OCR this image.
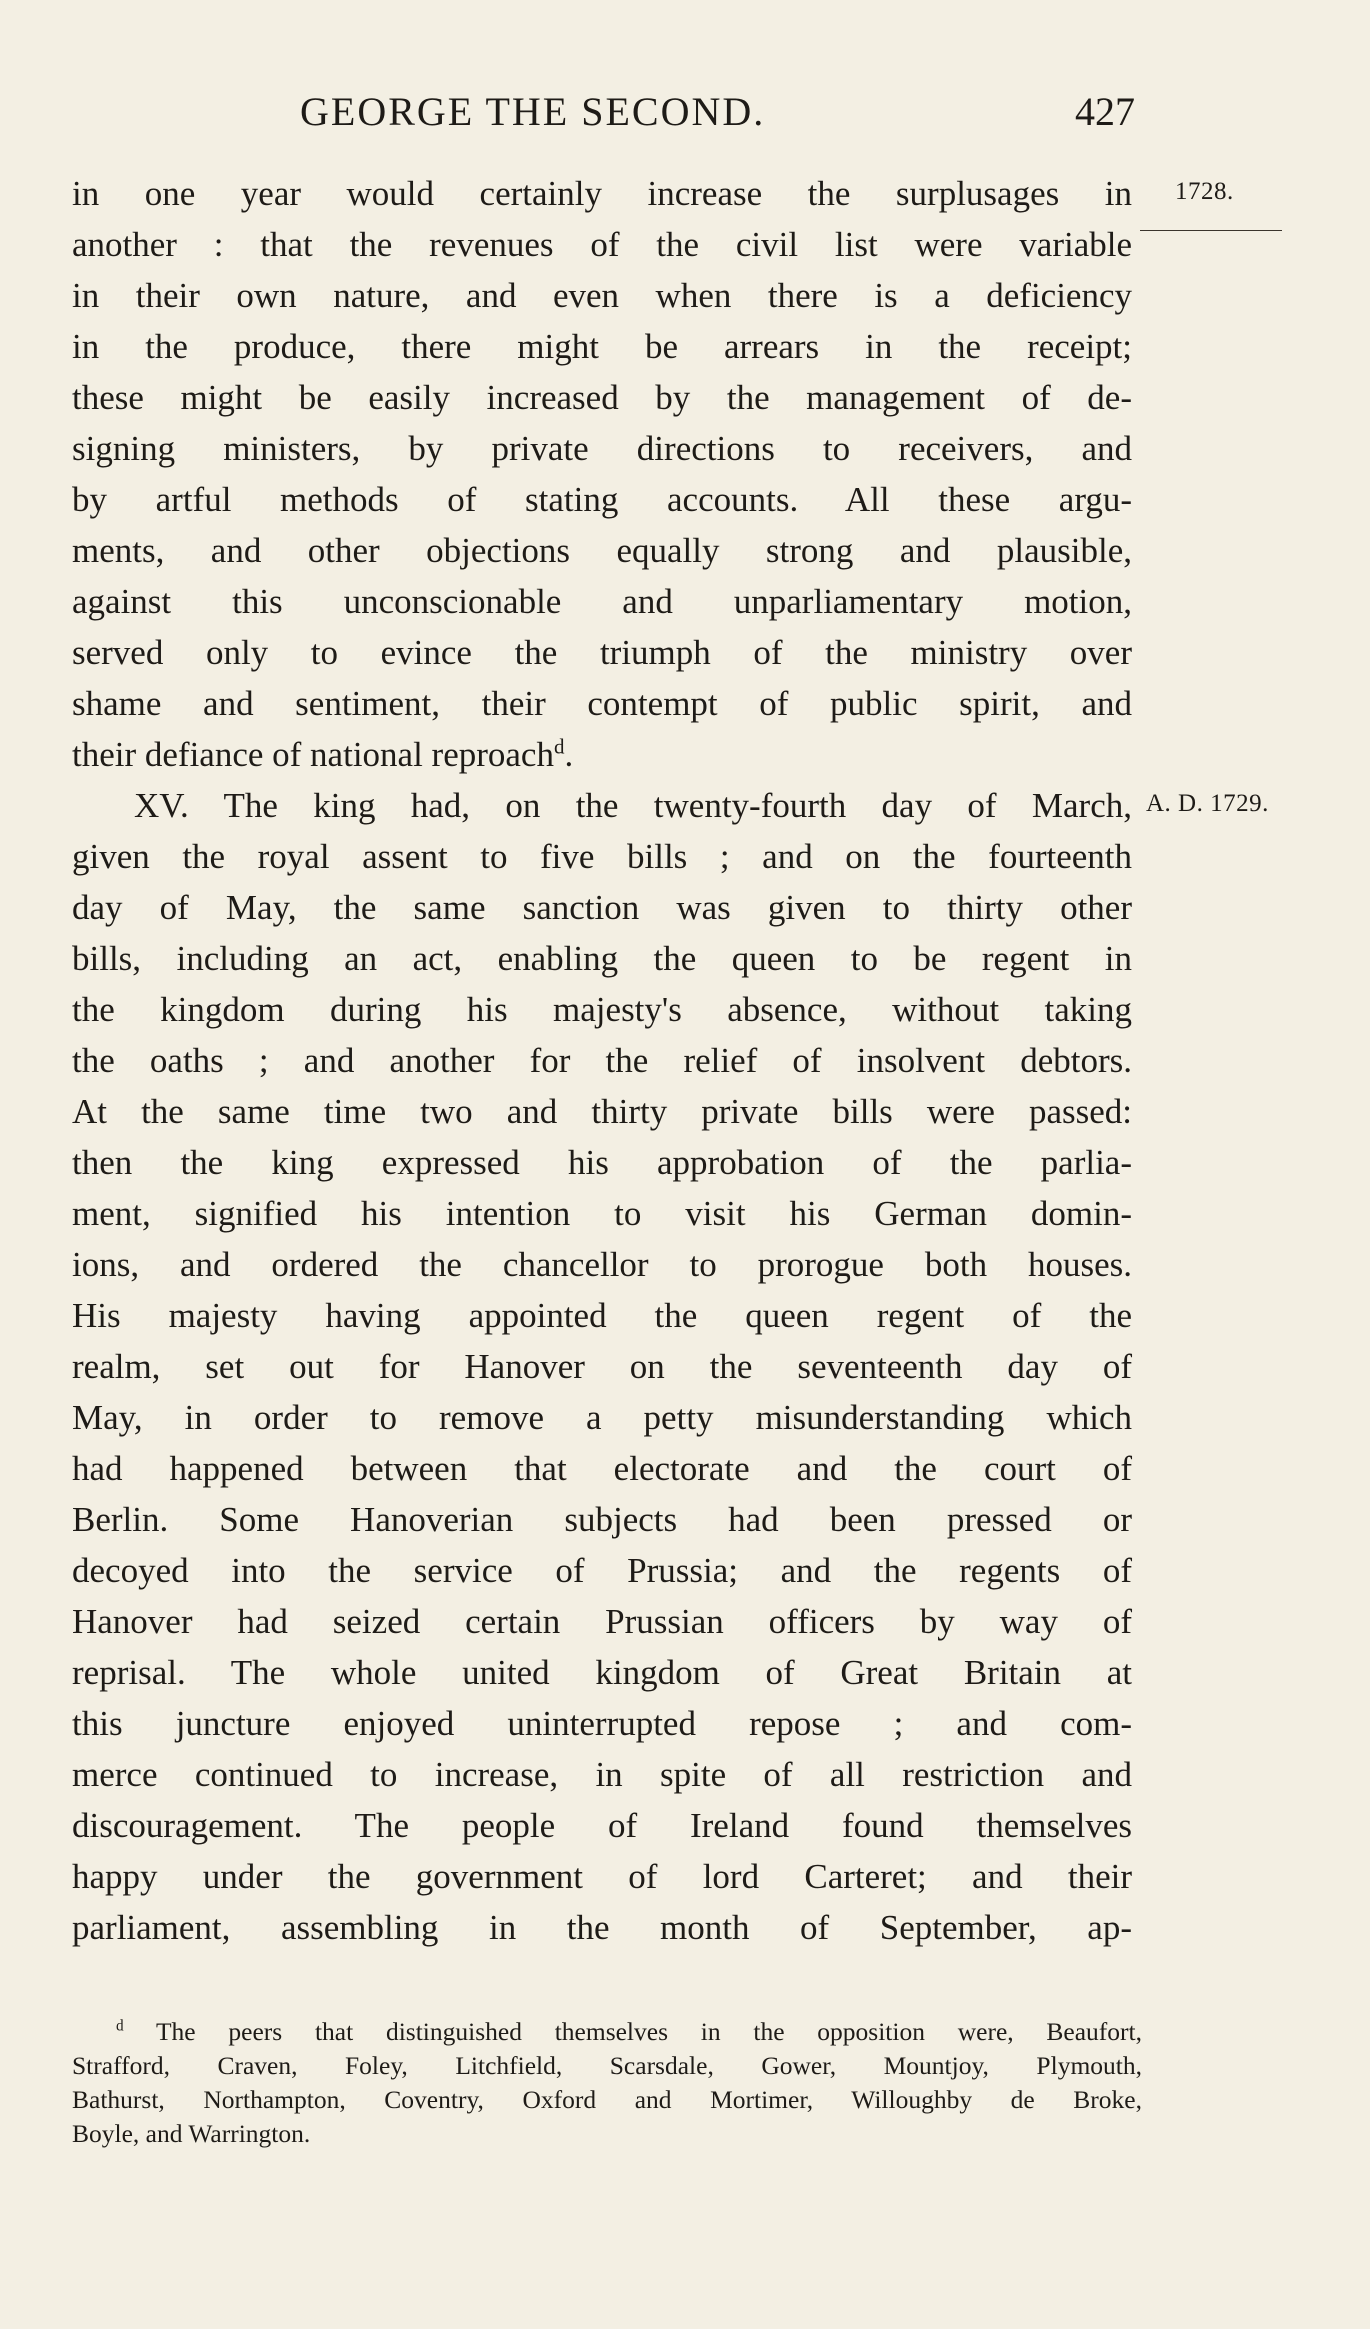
GEORGE THE SECOND.	427
1728.
A. D. 1729.
in one year would certainly increase the surplusages in
another : that the revenues of the civil list were variable
in their own nature, and even when there is a deficiency
in the produce, there might be arrears in the receipt;
these might be easily increased by the management of de-
signing ministers, by private directions to receivers, and
by artful methods of stating accounts. All these argu-
ments, and other objections equally strong and plausible,
against this unconscionable and unparliamentary motion,
served only to evince the triumph of the ministry over
shame and sentiment, their contempt of public spirit, and
their defiance of national reproach$^d$.
XV. The king had, on the twenty-fourth day of March,
given the royal assent to five bills ; and on the fourteenth
day of May, the same sanction was given to thirty other
bills, including an act, enabling the queen to be regent in
the kingdom during his majesty's absence, without taking
the oaths ; and another for the relief of insolvent debtors.
At the same time two and thirty private bills were passed:
then the king expressed his approbation of the parlia-
ment, signified his intention to visit his German domin-
ions, and ordered the chancellor to prorogue both houses.
His majesty having appointed the queen regent of the
realm, set out for Hanover on the seventeenth day of
May, in order to remove a petty misunderstanding which
had happened between that electorate and the court of
Berlin. Some Hanoverian subjects had been pressed or
decoyed into the service of Prussia; and the regents of
Hanover had seized certain Prussian officers by way of
reprisal. The whole united kingdom of Great Britain at
this juncture enjoyed uninterrupted repose ; and com-
merce continued to increase, in spite of all restriction and
discouragement. The people of Ireland found themselves
happy under the government of lord Carteret; and their
parliament, assembling in the month of September, ap-
$^d$ The peers that distinguished themselves in the opposition were, Beaufort,
Strafford, Craven, Foley, Litchfield, Scarsdale, Gower, Mountjoy, Plymouth,
Bathurst, Northampton, Coventry, Oxford and Mortimer, Willoughby de Broke,
Boyle, and Warrington.
